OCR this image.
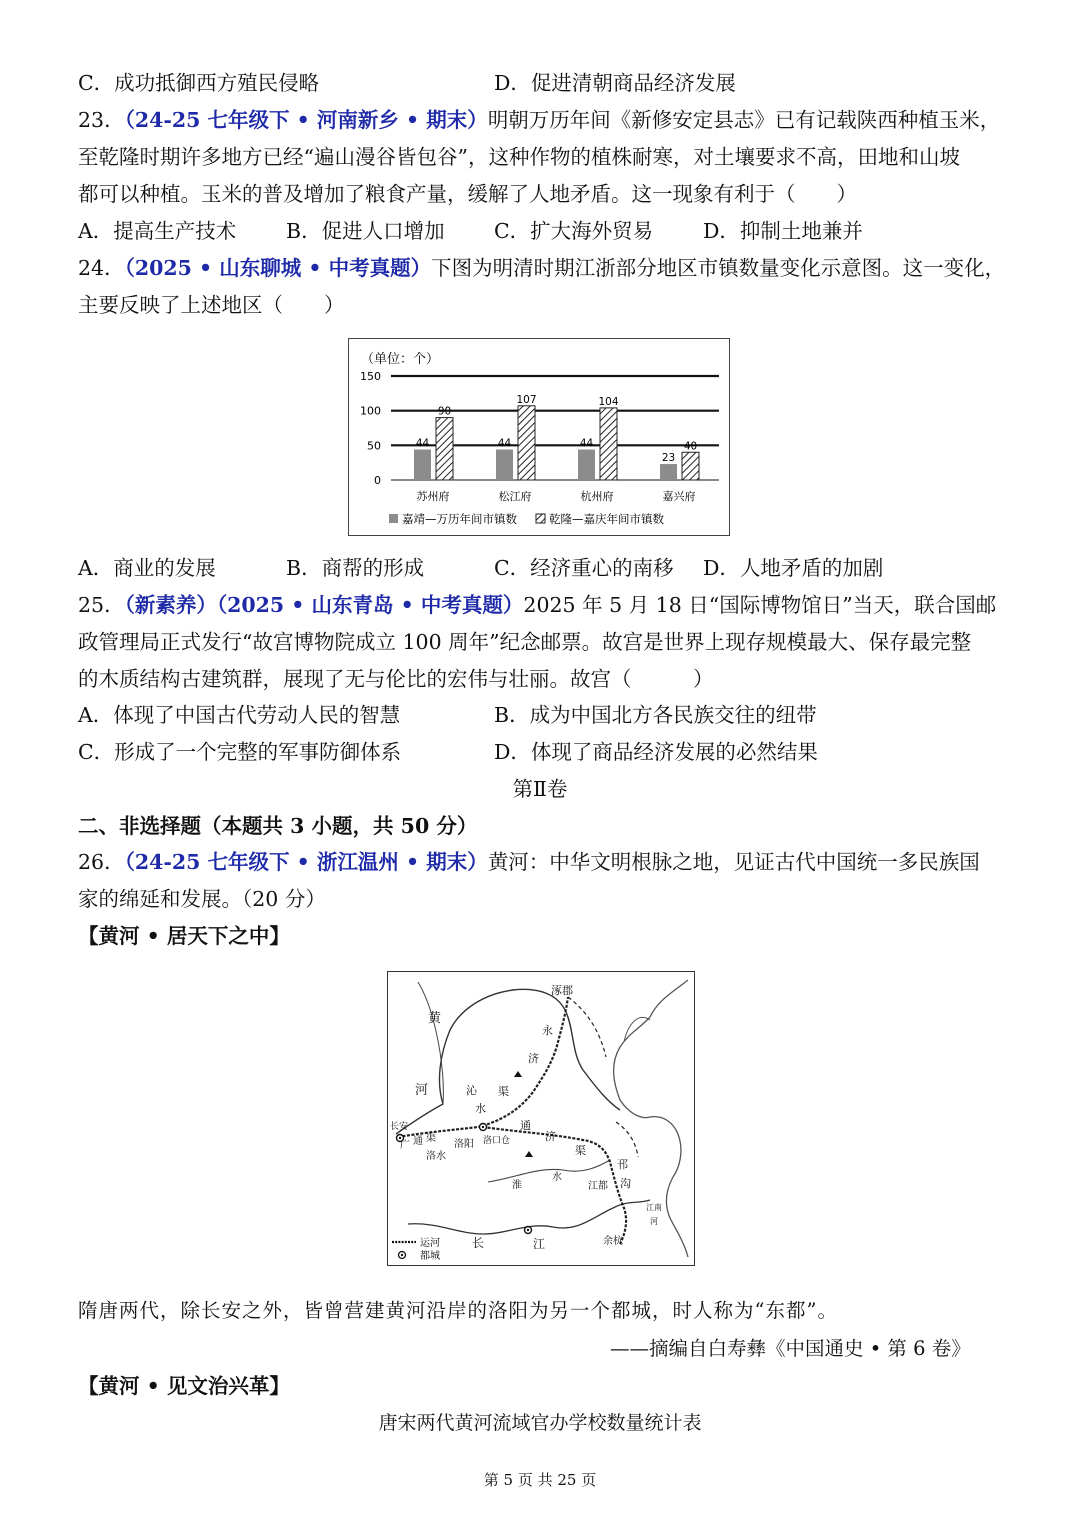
C．成功抵御西方殖民侵略	D．促进清朝商品经济发展
23．（24-25 七年级下 • 河南新乡 • 期末）明朝万历年间《新修安定县志》已有记载陕西种植玉米，
至乾隆时期许多地方已经“遍山漫谷皆包谷”，这种作物的植株耐寒，对土壤要求不高，田地和山坡
都可以种植。玉米的普及增加了粮食产量，缓解了人地矛盾。这一现象有利于（　　）
A．提高生产技术 B．促进人口增加 C．扩大海外贸易 D．抑制土地兼并
24．（2025 • 山东聊城 • 中考真题）下图为明清时期江浙部分地区市镇数量变化示意图。这一变化，
主要反映了上述地区（　　）
（单位：个）
0
50
100
150
44
90
苏州府
44
107
松江府
44
104
杭州府
23
40
嘉兴府
嘉靖—万历年间市镇数	乾隆—嘉庆年间市镇数
A．商业的发展	B．商帮的形成	C．经济重心的南移 D．人地矛盾的加剧
25．（新素养）（2025 • 山东青岛 • 中考真题）2025 年 5 月 18 日“国际博物馆日”当天，联合国邮
政管理局正式发行“故宫博物院成立 100 周年”纪念邮票。故宫是世界上现存规模最大、保存最完整
的木质结构古建筑群，展现了无与伦比的宏伟与壮丽。故宫（　　　）
A．体现了中国古代劳动人民的智慧	B．成为中国北方各民族交往的纽带
C．形成了一个完整的军事防御体系	D．体现了商品经济发展的必然结果
第Ⅱ卷
二、非选择题（本题共 3 小题，共 50 分）
26．（24-25 七年级下 • 浙江温州 • 期末）黄河：中华文明根脉之地，见证古代中国统一多民族国
家的绵延和发展。（20 分）
【黄河 • 居天下之中】
涿郡
黄
河
永
济
沁 渠
水
长安
广 通 渠
洛水
洛阳 洛口仓
通
济
渠
淮
水
邗
沟
江都
江南
河
长	江	余杭
运河
都城
隋唐两代，除长安之外，皆曾营建黄河沿岸的洛阳为另一个都城，时人称为“东都”。
——摘编自白寿彝《中国通史 • 第 6 卷》
【黄河 • 见文治兴革】
唐宋两代黄河流域官办学校数量统计表
第 5 页 共 25 页
